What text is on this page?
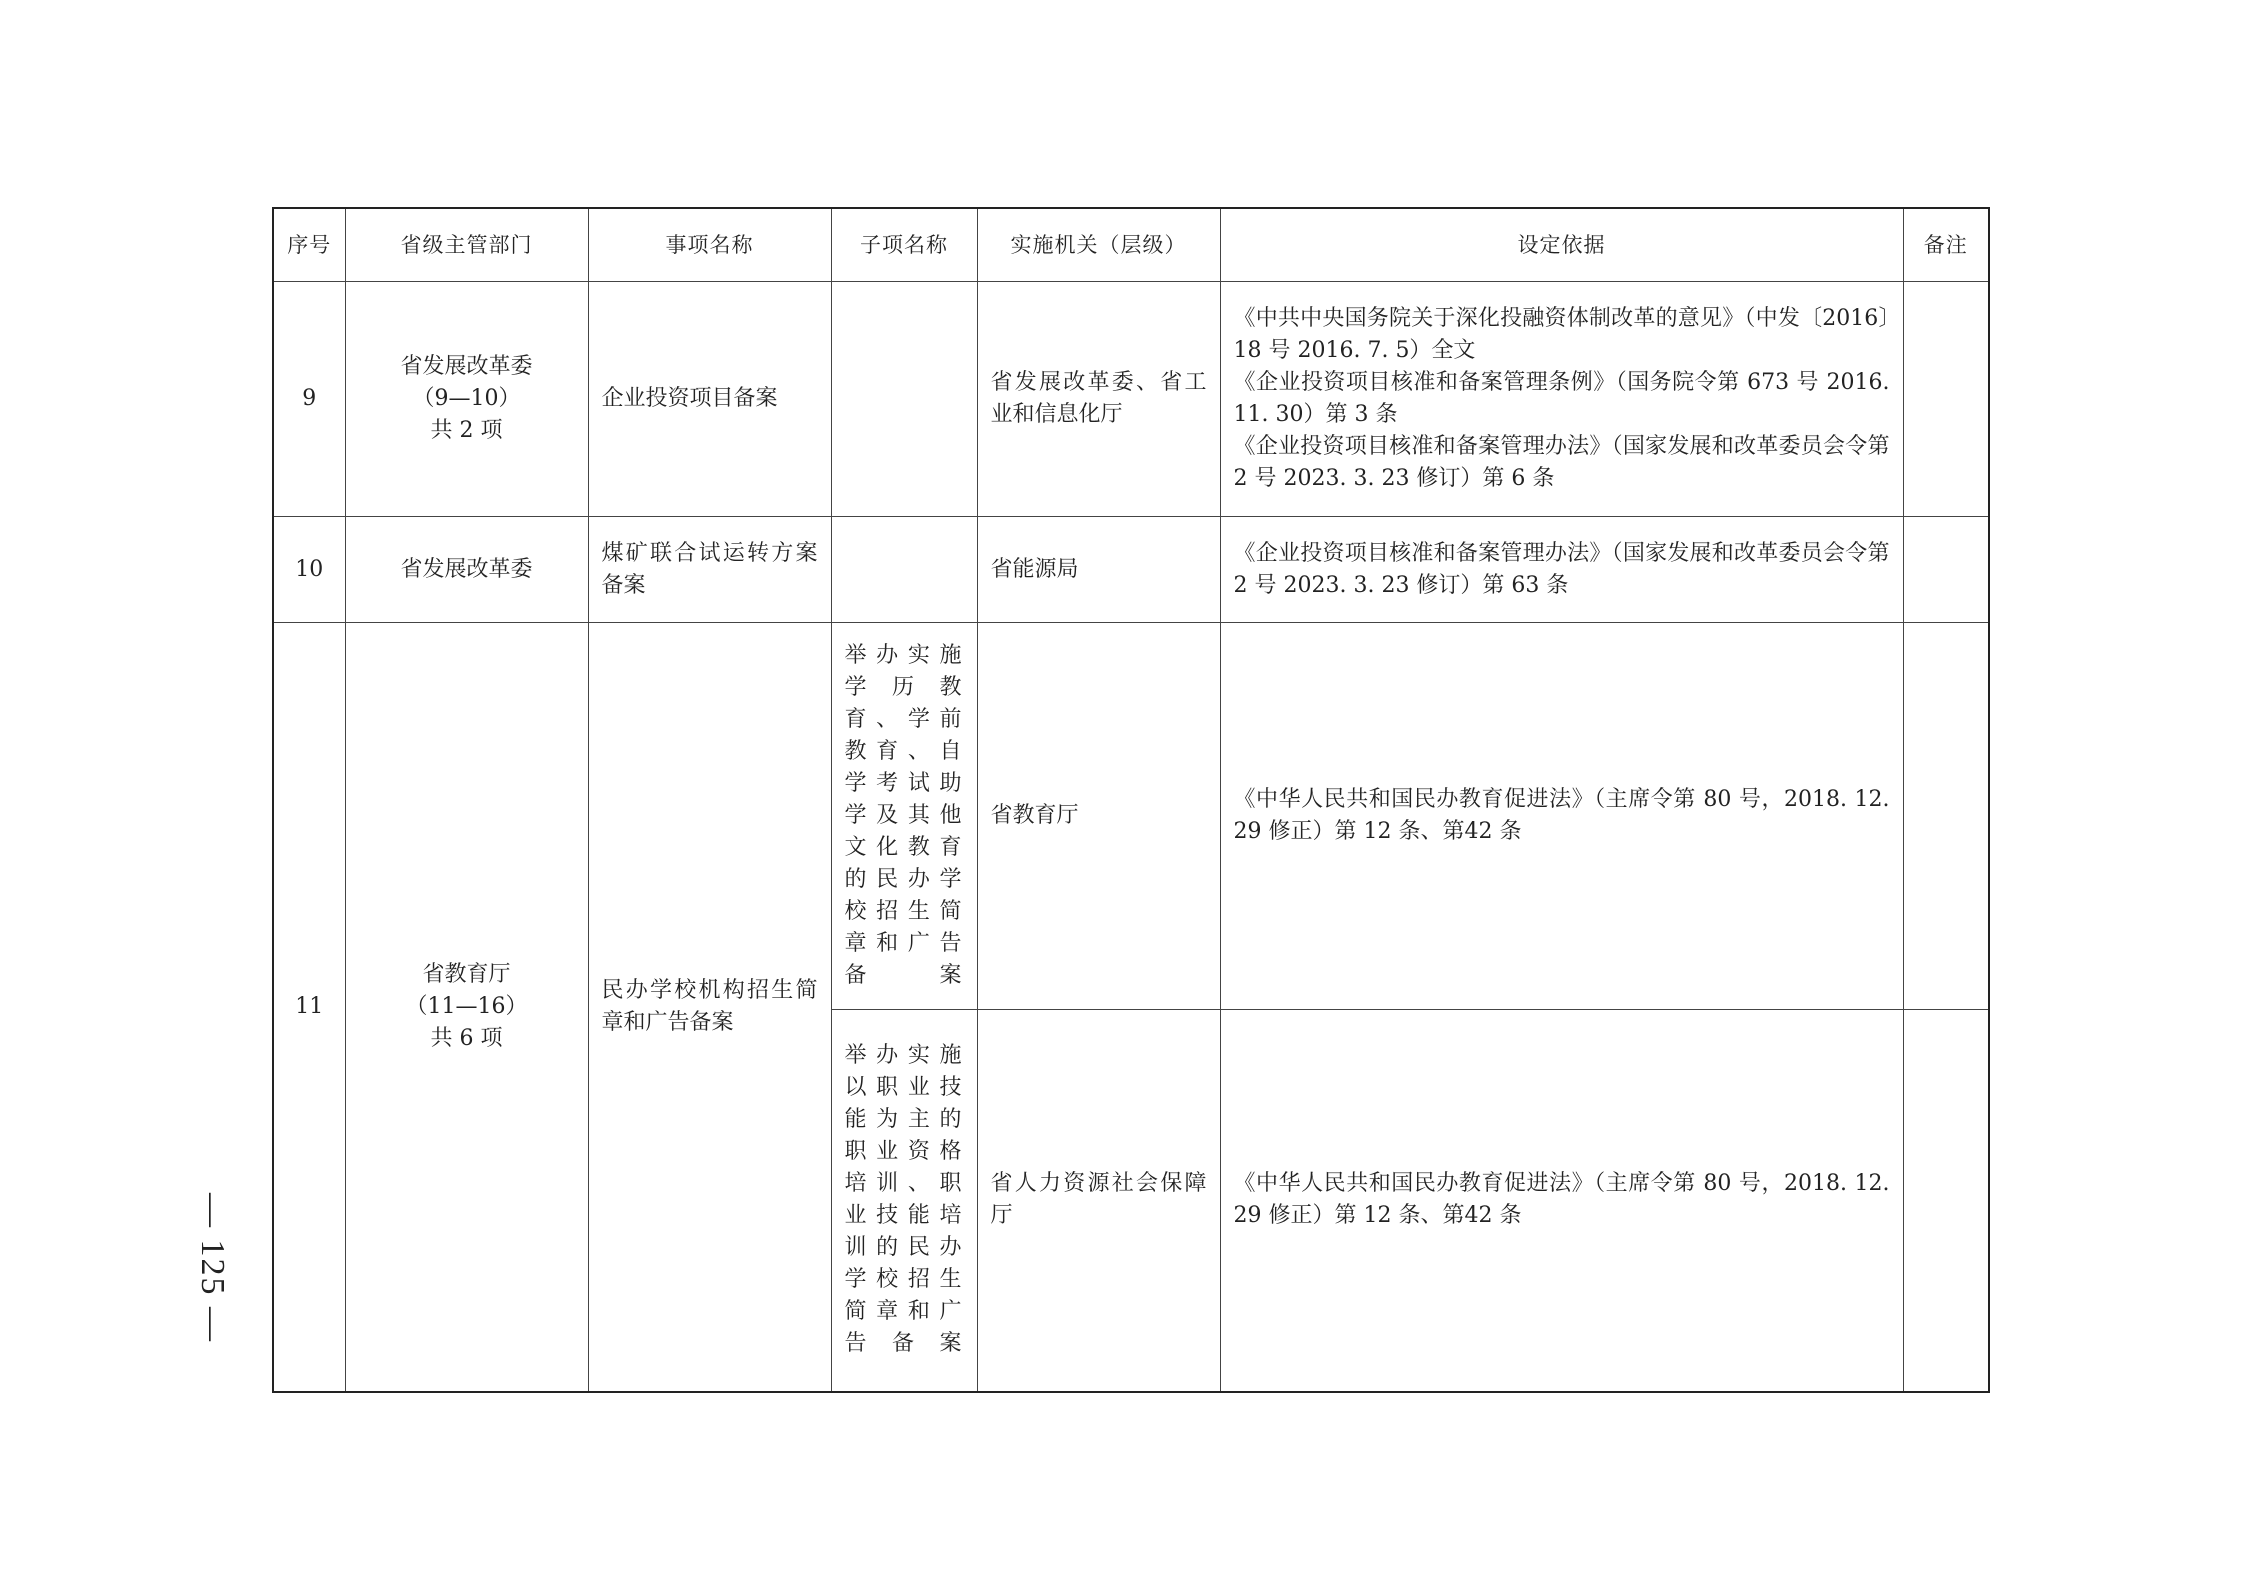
— 125 —
序号	省级主管部门	事项名称	子项名称	实施机关（层级）	设定依据	备注
9	省发展改革委
（9—10）
共 2 项	企业投资项目备案		省发展改革委、省工业和信息化厅	《中共中央国务院关于深化投融资体制改革的意见》（中发〔2016〕18 号 2016. 7. 5）全文
《企业投资项目核准和备案管理条例》（国务院令第 673 号 2016. 11. 30）第 3 条
《企业投资项目核准和备案管理办法》（国家发展和改革委员会令第 2 号 2023. 3. 23 修订）第 6 条	

10	省发展改革委	煤矿联合试运转方案备案		省能源局	《企业投资项目核准和备案管理办法》（国家发展和改革委员会令第 2 号 2023. 3. 23 修订）第 63 条	
11	省教育厅
（11—16）
共 6 项	民办学校机构招生简章和广告备案	举办实施学历教育、学前教育、自学考试助学及其他文化教育的民办学校招生简章和广告备案	省教育厅	《中华人民共和国民办教育促进法》（主席令第 80 号，2018. 12. 29 修正）第 12 条、第42 条	

			举办实施以职业技能为主的职业资格培训、职业技能培训的民办学校招生简章和广告备案	省人力资源社会保障厅	《中华人民共和国民办教育促进法》（主席令第 80 号，2018. 12. 29 修正）第 12 条、第42 条	
